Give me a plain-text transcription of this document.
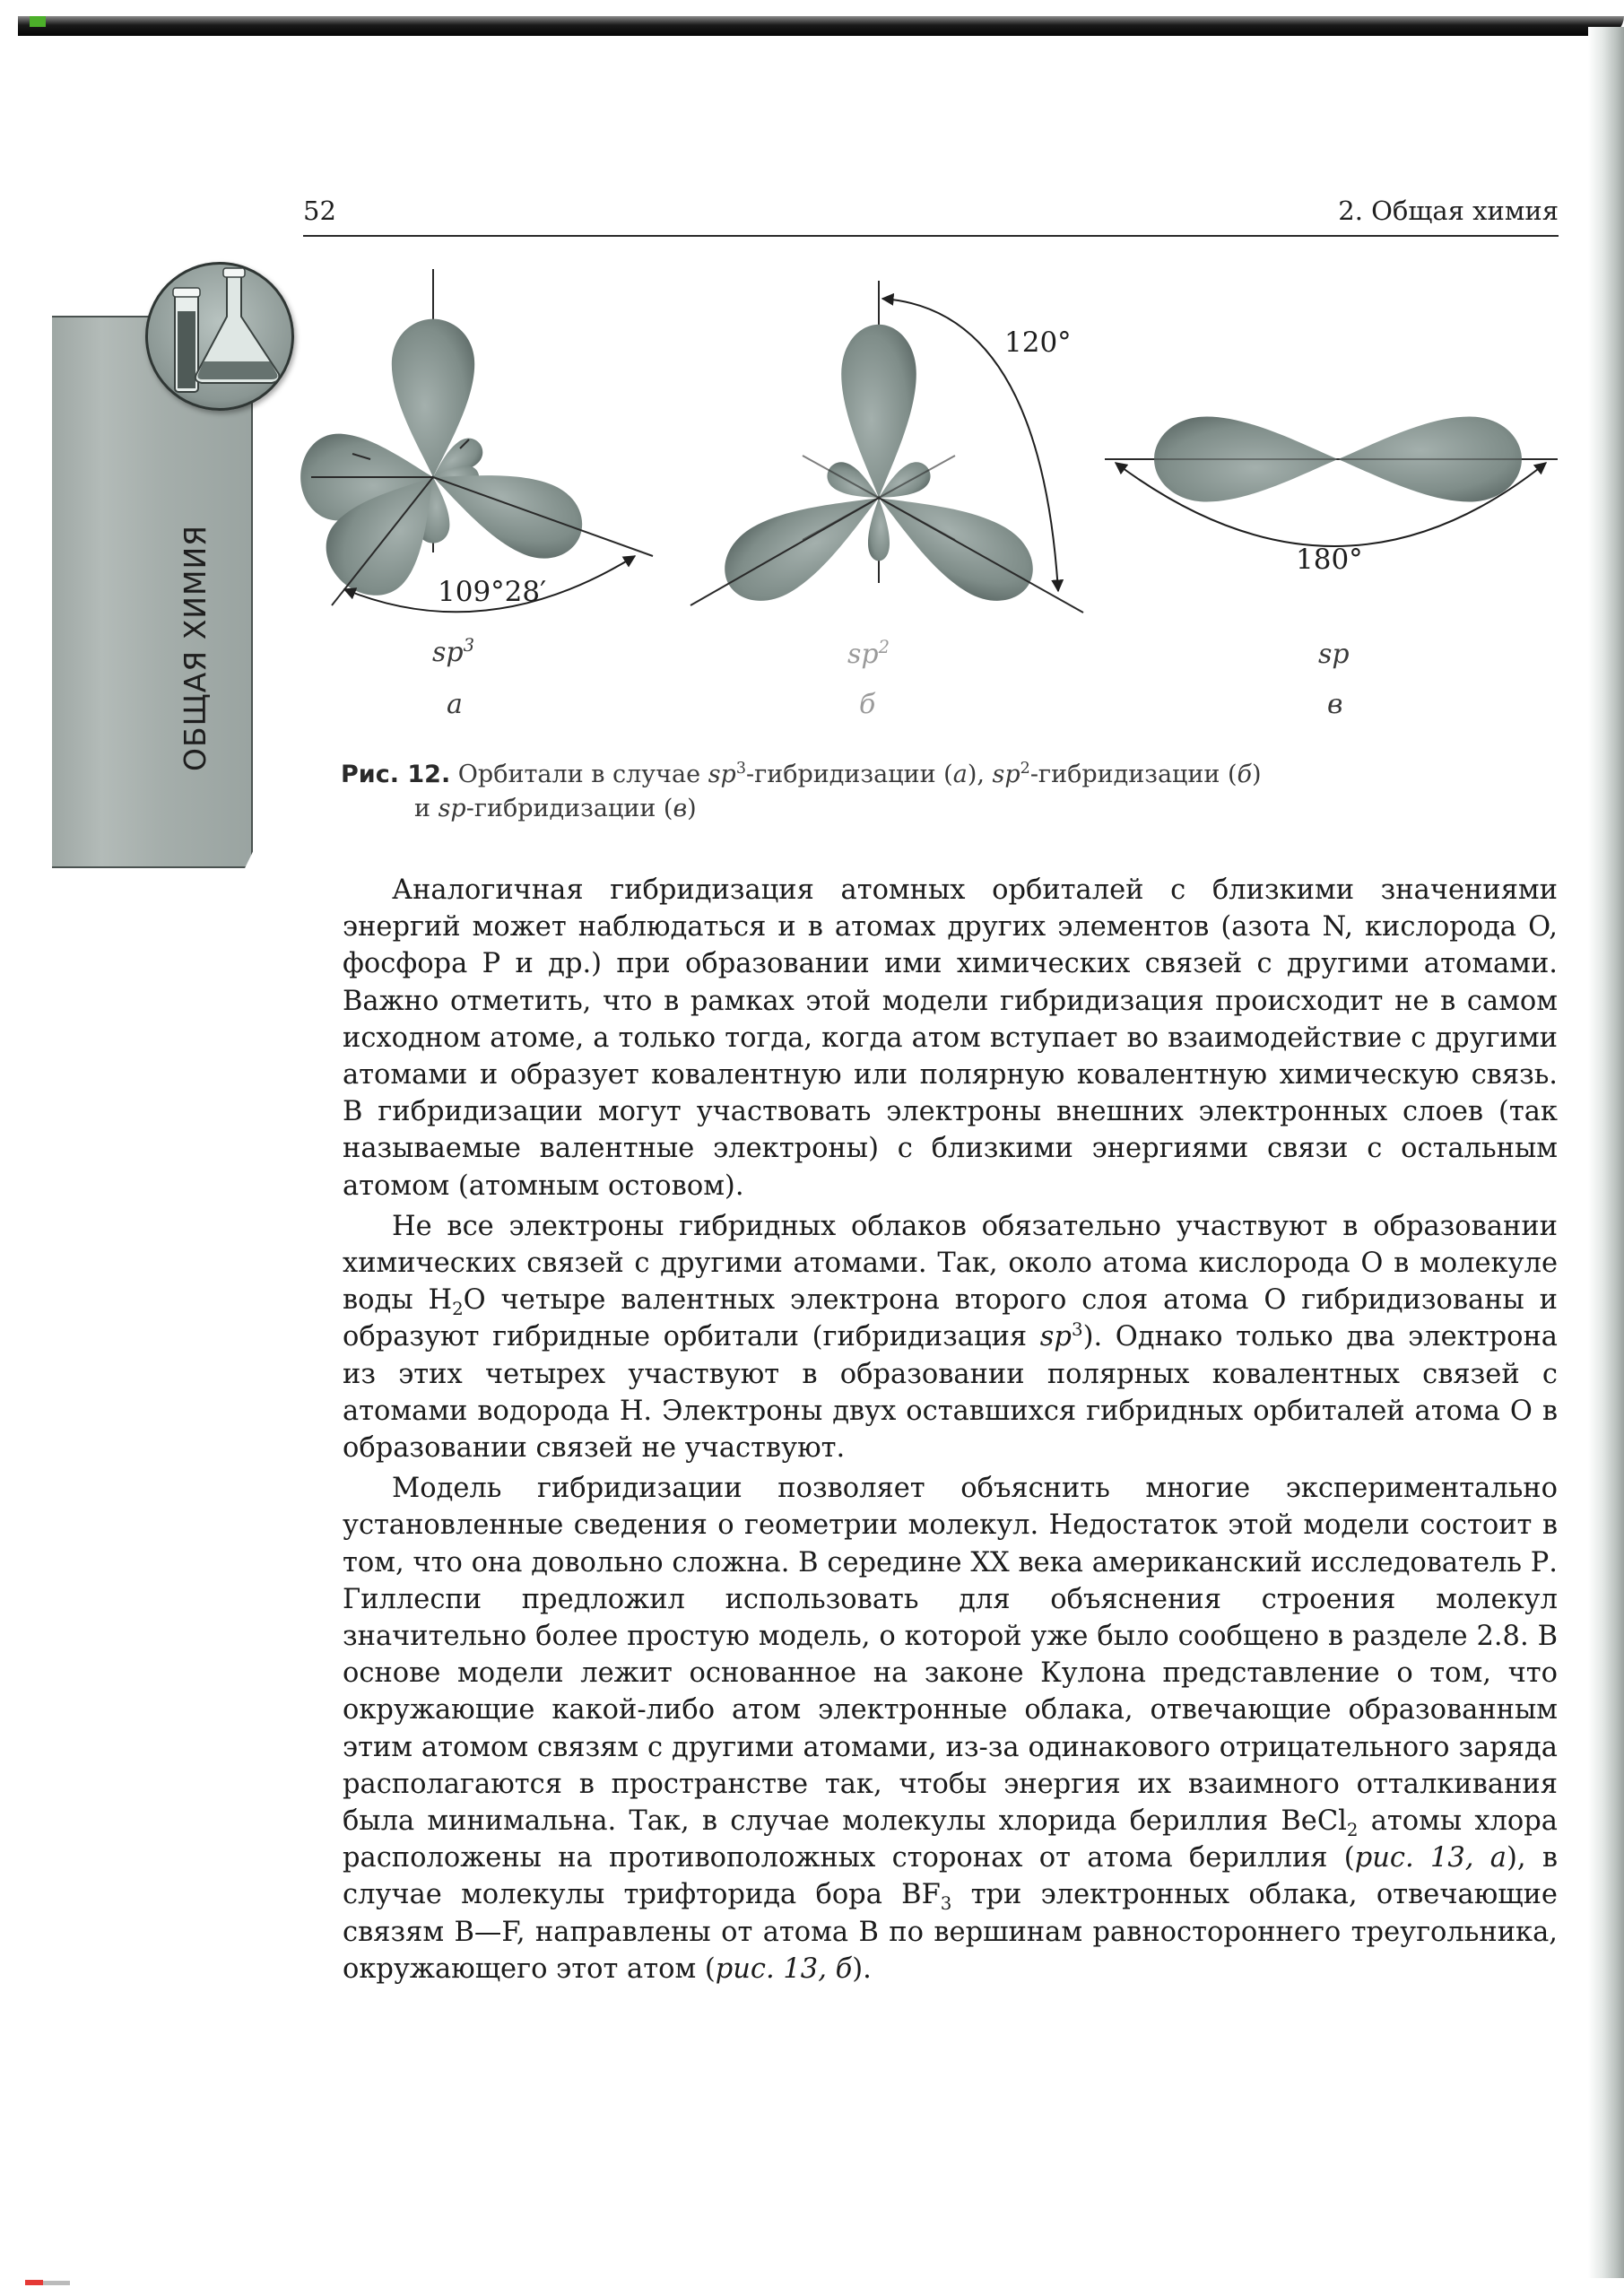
52	2. Общая химия
ОБЩАЯ ХИМИЯ	109°28′
120°
180°
$sp^3$	$sp^2$	sp
а	б	в
Рис. 12. Орбитали в случае $sp^3$-гибридизации (а), $sp^2$-гибридизации (б)
и sp-гибридизации (в)

Аналогичная гибридизация атомных орбиталей с близкими значениями энергий может наблюдаться и в атомах других элементов (азота N, кислорода O, фосфора P и др.) при образовании ими химических связей с другими атомами. Важно отметить, что в рамках этой модели гибридизация происходит не в самом исходном атоме, а только тогда, когда атом вступает во взаимодействие с другими атомами и образует ковалентную или полярную ковалентную химическую связь. В гибридизации могут участвовать электроны внешних электронных слоев (так называемые валентные электроны) с близкими энергиями связи с остальным атомом (атомным остовом).

Не все электроны гибридных облаков обязательно участвуют в образовании химических связей с другими атомами. Так, около атома кислорода O в молекуле воды $H_2O$ четыре валентных электрона второго слоя атома O гибридизованы и образуют гибридные орбитали (гибридизация $sp^3$). Однако только два электрона из этих четырех участвуют в образовании полярных ковалентных связей с атомами водорода H. Электроны двух оставшихся гибридных орбиталей атома O в образовании связей не участвуют.

Модель гибридизации позволяет объяснить многие экспериментально установленные сведения о геометрии молекул. Недостаток этой модели состоит в том, что она довольно сложна. В середине XX века американский исследователь Р. Гиллеспи предложил использовать для объяснения строения молекул значительно более простую модель, о которой уже было сообщено в разделе 2.8. В основе модели лежит основанное на законе Кулона представление о том, что окружающие какой-либо атом электронные облака, отвечающие образованным этим атомом связям с другими атомами, из-за одинакового отрицательного заряда располагаются в пространстве так, чтобы энергия их взаимного отталкивания была минимальна. Так, в случае молекулы хлорида бериллия BeCl$_2$ атомы хлора расположены на противоположных сторонах от атома бериллия (рис. 13, а), в случае молекулы трифторида бора $BF_3$ три электронных облака, отвечающие связям B—F, направлены от атома B по вершинам равностороннего треугольника, окружающего этот атом (рис. 13, б).
